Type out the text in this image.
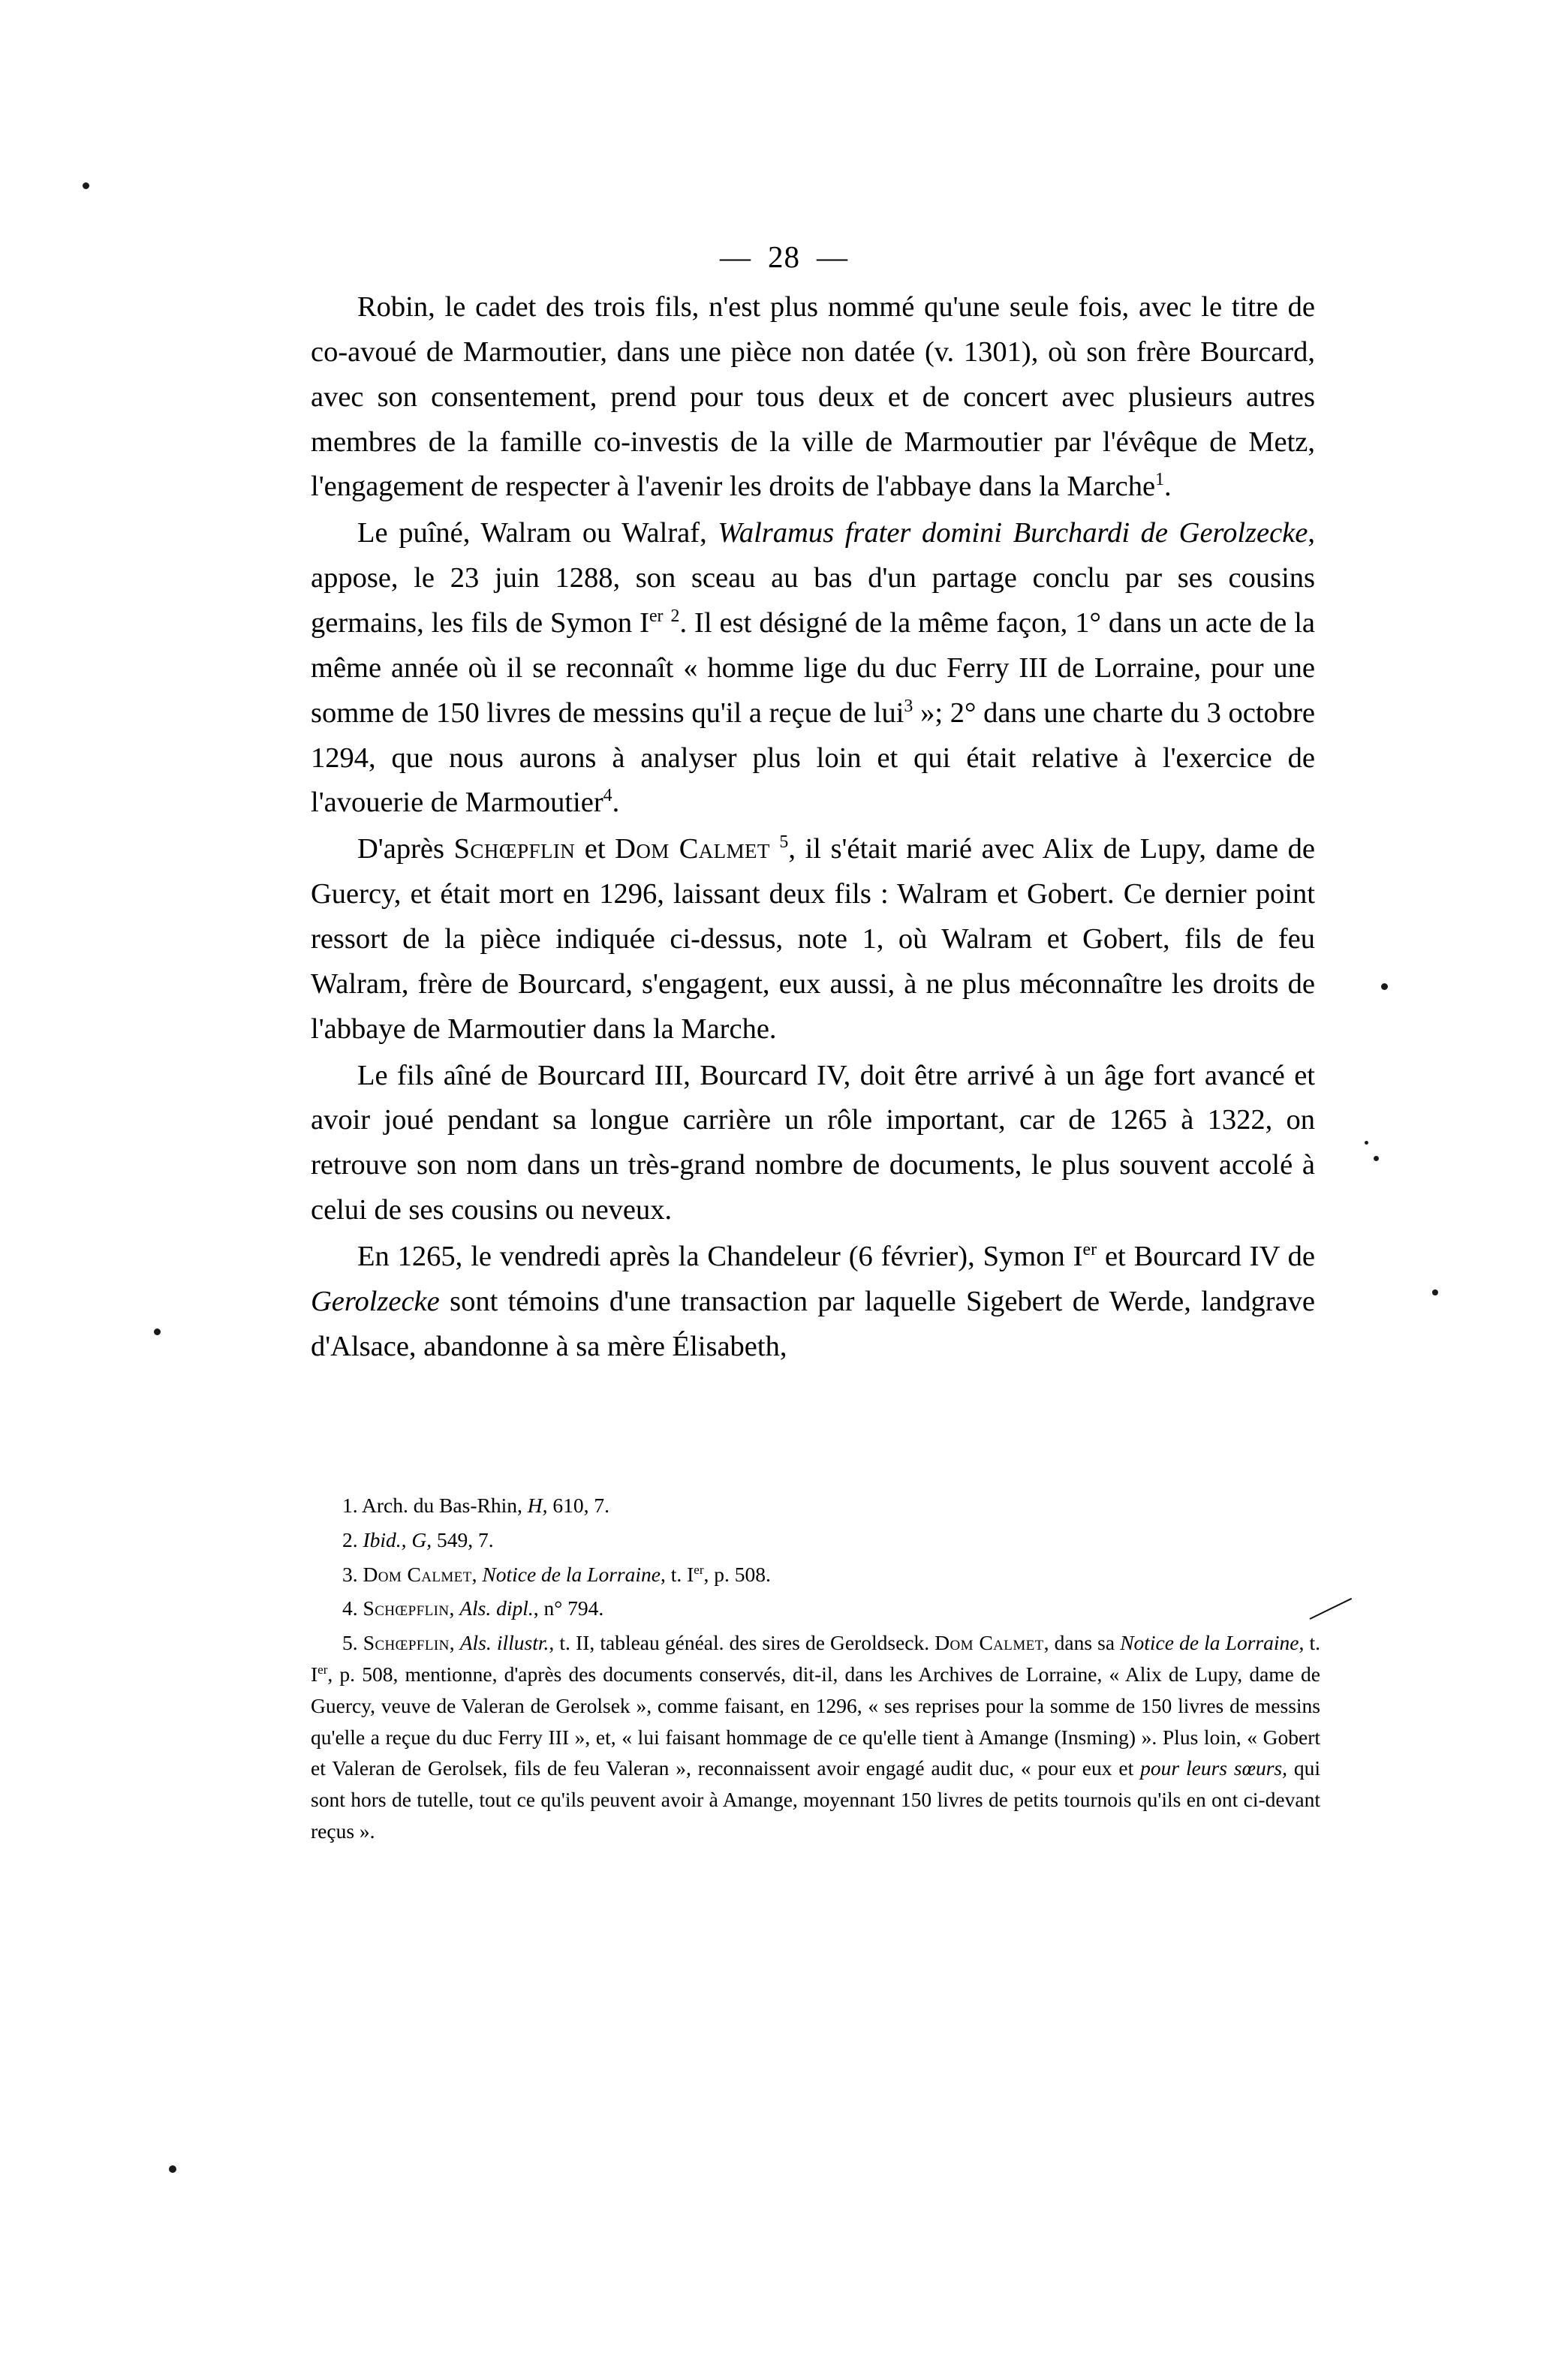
— 28 —

Robin, le cadet des trois fils, n'est plus nommé qu'une seule fois, avec le titre de co-avoué de Marmoutier, dans une pièce non datée (v. 1301), où son frère Bourcard, avec son consentement, prend pour tous deux et de concert avec plusieurs autres membres de la famille co-investis de la ville de Marmoutier par l'évêque de Metz, l'engagement de respecter à l'avenir les droits de l'abbaye dans la Marche$^1$.

Le puîné, Walram ou Walraf, Walramus frater domini Burchardi de Gerolzecke, appose, le 23 juin 1288, son sceau au bas d'un partage conclu par ses cousins germains, les fils de Symon Ier $^2$. Il est désigné de la même façon, 1° dans un acte de la même année où il se reconnaît « homme lige du duc Ferry III de Lorraine, pour une somme de 150 livres de messins qu'il a reçue de lui$^3$ »; 2° dans une charte du 3 octobre 1294, que nous aurons à analyser plus loin et qui était relative à l'exercice de l'avouerie de Marmoutier$^4$.

D'après Schœpflin et Dom Calmet $^5$, il s'était marié avec Alix de Lupy, dame de Guercy, et était mort en 1296, laissant deux fils : Walram et Gobert. Ce dernier point ressort de la pièce indiquée ci-dessus, note 1, où Walram et Gobert, fils de feu Walram, frère de Bourcard, s'engagent, eux aussi, à ne plus méconnaître les droits de l'abbaye de Marmoutier dans la Marche.

Le fils aîné de Bourcard III, Bourcard IV, doit être arrivé à un âge fort avancé et avoir joué pendant sa longue carrière un rôle important, car de 1265 à 1322, on retrouve son nom dans un très-grand nombre de documents, le plus souvent accolé à celui de ses cousins ou neveux.

En 1265, le vendredi après la Chandeleur (6 février), Symon Ier et Bourcard IV de Gerolzecke sont témoins d'une transaction par laquelle Sigebert de Werde, landgrave d'Alsace, abandonne à sa mère Élisabeth,

1. Arch. du Bas-Rhin, H, 610, 7.

2. Ibid., G, 549, 7.

3. Dom Calmet, Notice de la Lorraine, t. Ier, p. 508.

4. Schœpflin, Als. dipl., n° 794.

5. Schœpflin, Als. illustr., t. II, tableau généal. des sires de Geroldseck. Dom Calmet, dans sa Notice de la Lorraine, t. Ier, p. 508, mentionne, d'après des documents conservés, dit-il, dans les Archives de Lorraine, « Alix de Lupy, dame de Guercy, veuve de Valeran de Gerolsek », comme faisant, en 1296, « ses reprises pour la somme de 150 livres de messins qu'elle a reçue du duc Ferry III », et, « lui faisant hommage de ce qu'elle tient à Amange (Insming) ». Plus loin, « Gobert et Valeran de Gerolsek, fils de feu Valeran », reconnaissent avoir engagé audit duc, « pour eux et pour leurs sœurs, qui sont hors de tutelle, tout ce qu'ils peuvent avoir à Amange, moyennant 150 livres de petits tournois qu'ils en ont ci-devant reçus ».
